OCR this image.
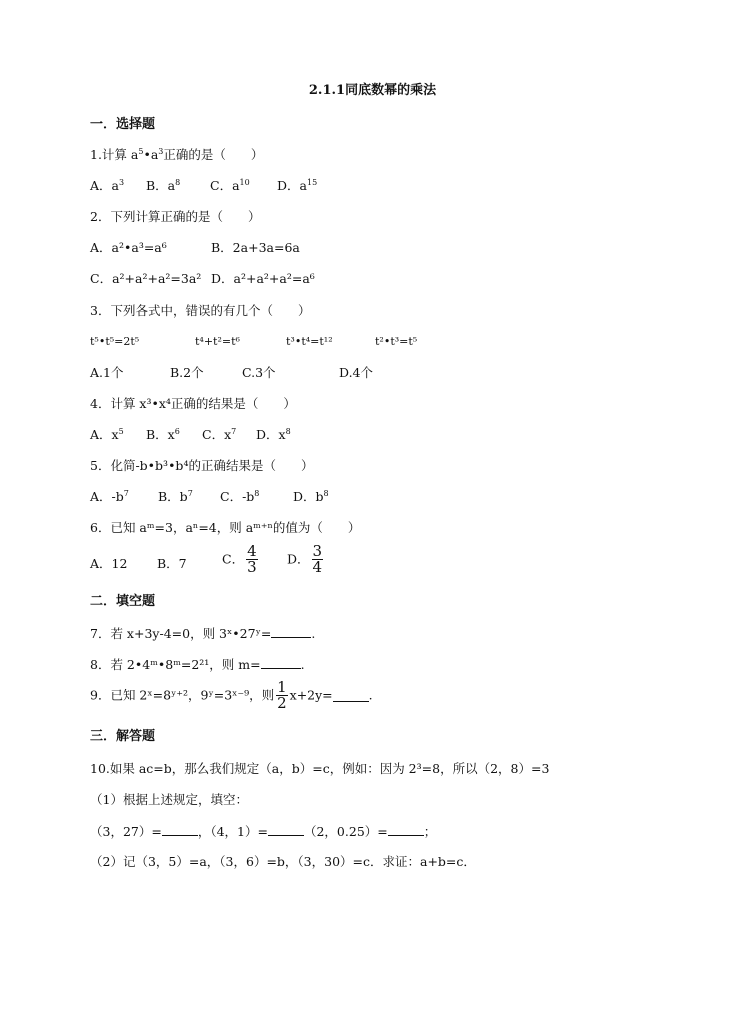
2.1.1同底数幂的乘法
一．选择题
1.计算 $a^5•a^3$正确的是（　　）
A．$a^3$ B．$a^8$ C．$a^{10}$ D．$a^{15}$
2．下列计算正确的是（　　）
A．a²•a³=a⁶	B．2a+3a=6a
C．a²+a²+a²=3a² D．a²+a²+a²=a⁶
3．下列各式中，错误的有几个（　　）
t⁵•t⁵=2t⁵	t⁴+t²=t⁶	t³•t⁴=t¹²	t²•t³=t⁵
A.1个	B.2个	C.3个	D.4个
4．计算 x³•x⁴正确的结果是（　　）
A．$x^5$ B．$x^6$ C．$x^7$ D．$x^8$
5．化简-b•b³•b⁴的正确结果是（　　）
A．$-b^7$ B．$b^7$ C．$-b^8$	D．$b^8$
6．已知 aᵐ=3，aⁿ=4，则 aᵐ⁺ⁿ的值为（　　）
A．12 B．7	C． $\frac{4}{3}$ D． $\frac{3}{4}$
二．填空题
7．若 x+3y-4=0，则 3ˣ•27ʸ=	.
8．若 2•4ᵐ•8ᵐ=2²¹，则 m=	.
9．已知 2ˣ=8ʸ⁺²，9ʸ=3ˣ⁻⁹，则 $\frac{1}{2} x+2y=$	.
三．解答题
10.如果 ac=b，那么我们规定（a，b）=c，例如：因为 2³=8，所以（2，8）=3
（1）根据上述规定，填空：
（3，27）=	，（4，1）=	（2，0.25）=	；
（2）记（3，5）=a，（3，6）=b，（3，30）=c．求证：a+b=c．
